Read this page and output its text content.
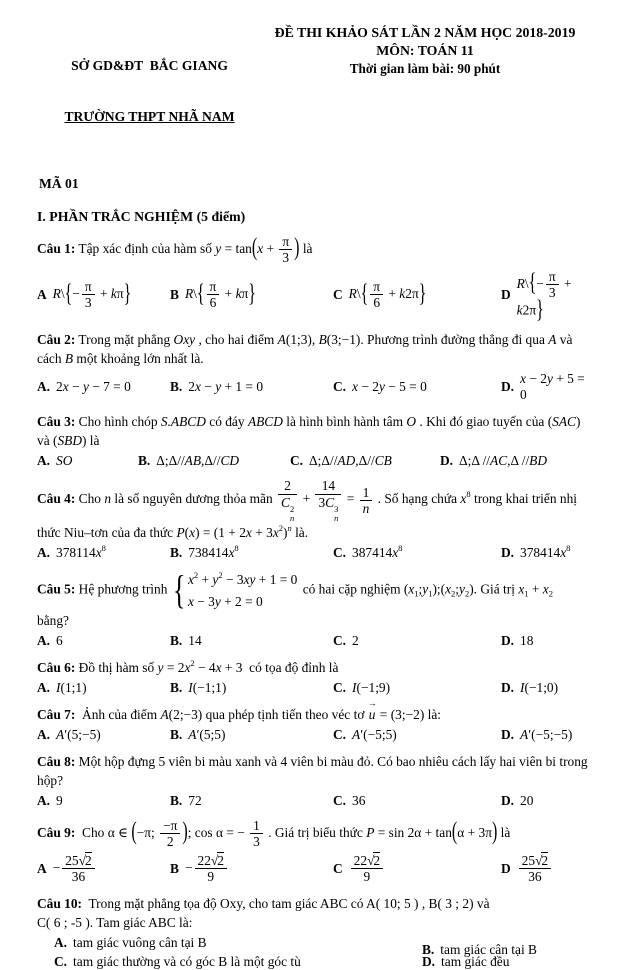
SỞ GD&ĐT  BẮC GIANG

TRƯỜNG THPT NHÃ NAM

ĐỀ THI KHẢO SÁT LẦN 2 NĂM HỌC 2018-2019
MÔN: TOÁN 11
Thời gian làm bài: 90 phút
MÃ 01
I. PHẦN TRẮC NGHIỆM (5 điểm)
Câu 1: Tập xác định của hàm số $y = \tan(x + \frac{\pi}{3}$ ) là
A R\{− $\frac{\pi}{3} + k\pi$}	B R\{ $\frac{\pi}{6} + k\pi$}	C R\{ $\frac{\pi}{6} + k2\pi$}	D
R\{− $\frac{\pi}{3} + k2\pi$}
Câu 2: Trong mặt phẳng Oxy , cho hai điểm A(1;3), B(3;−1). Phương trình đường thẳng đi qua A và cách B một khoảng lớn nhất là.
A. 2x − y − 7 = 0	B. 2x − y + 1 = 0	C. x − 2y − 5 = 0	D.
x − 2y + 5 = 0
Câu 3: Cho hình chóp S.ABCD có đáy ABCD là hình bình hành tâm O . Khi đó giao tuyến của (SAC) và (SBD) là
A. SO	B. Δ;Δ//AB,Δ//CD	C. Δ;Δ//AD,Δ//CB	D. Δ;Δ //AC,Δ //BD
Câu 4: Cho n là số nguyên dương thỏa mãn 2
C 2
n + 14
3C 3
$n = \frac{1}{n}$ . Số hạng chứa $x^8$ trong khai triển nhị thức Niu–tơn của đa thức $P(x) = (1 + 2x + 3x^2)^n$ là.
A. $378114x^8$	B. $738414x^8$	C. $387414x^8$	D. $378414x^8$
Câu 5: Hệ phương trình { $x^2 + y^2 - 3xy + 1 = 0$
x − 3y + 2 = 0
có hai cặp nghiệm $(x_1;y_1);(x_2;y_2)$. Giá trị $x_1 + x_2$ bằng?
A. 6	B. 14	C. 2	D. 18
Câu 6: Đồ thị hàm số $y = 2x^2 - 4x + 3$  có tọa độ đỉnh là
A. I(1;1)	B. I(−1;1)	C. I(−1;9)	D. I(−1;0)
Câu 7:  Ảnh của điểm A(2;−3) qua phép tịnh tiến theo véc tơ
→
u = (3;−2) là:
A. A′(5;−5)	B. A′(5;5)	C. A′(−5;5)	D. A′(−5;−5)
Câu 8: Một hộp đựng 5 viên bi màu xanh và 4 viên bi màu đỏ. Có bao nhiêu cách lấy hai viên bi trong hộp?
A. 9	B. 72	C. 36	D. 20
Câu 9:  Cho α ∈ (−π; $\frac{-\pi}{2}$ ); cos α = − $\frac{1}{3}$ . Giá trị biểu thức P = sin 2α + tan(α + 3π) là
$A - \frac{25√2}{36}$	$B - \frac{22√2}{9}$	C $\frac{22√2}{9}$	D $\frac{25√2}{36}$
Câu 10:  Trong mặt phẳng tọa độ Oxy, cho tam giác ABC có A( 10; 5 ) , B( 3 ; 2) và
C( 6 ; -5 ). Tam giác ABC là:
A. tam giác vuông cân tại B	B. tam giác cân tại B
C. tam giác thường và có góc B là một góc tù	D. tam giác đều
